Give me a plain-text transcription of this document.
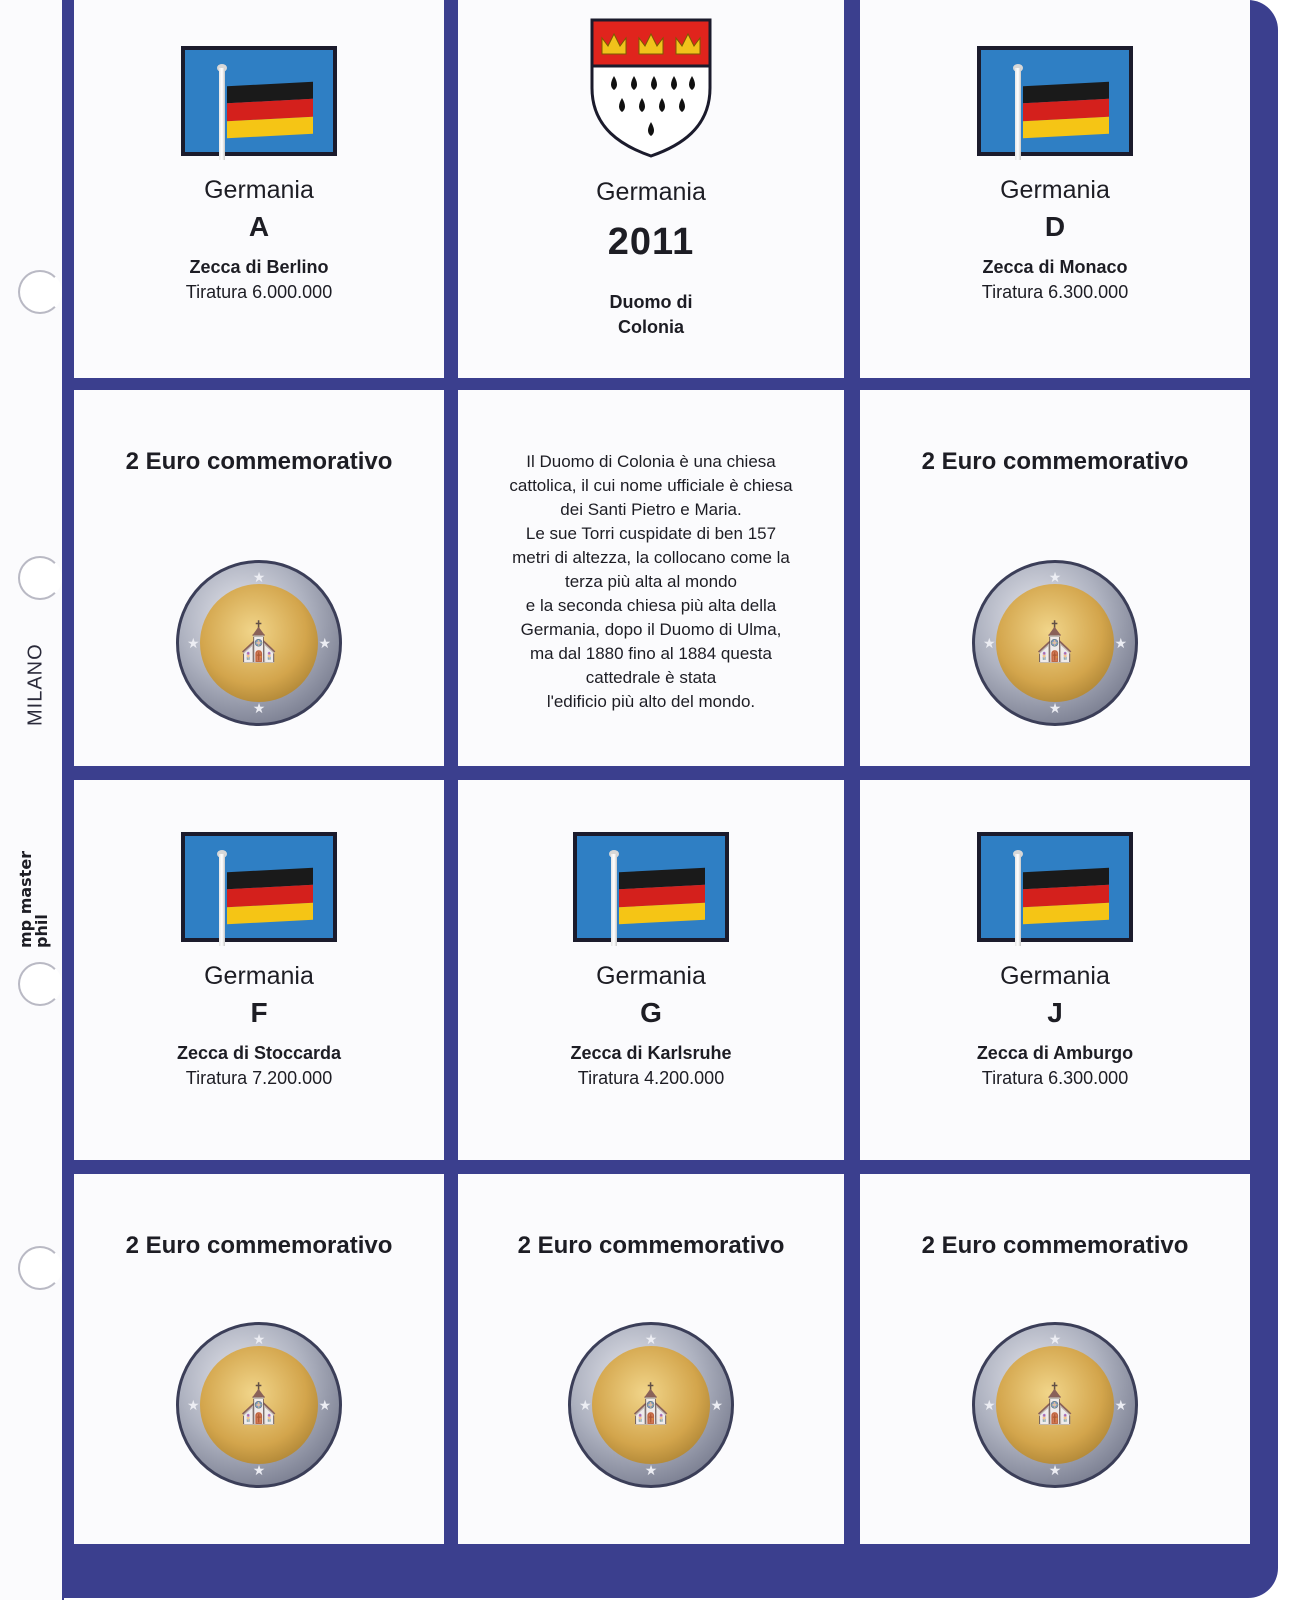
MILANO
mp master phil
Germania
A
Zecca di Berlino
Tiratura 6.000.000
Germania
2011
Duomo di
Colonia
Germania
D
Zecca di Monaco
Tiratura 6.300.000
2 Euro commemorativo
★
★
★	★
⛪
Il Duomo di Colonia è una chiesa
cattolica, il cui nome ufficiale è chiesa
dei Santi Pietro e Maria.
Le sue Torri cuspidate di ben 157
metri di altezza, la collocano come la
terza più alta al mondo
e la seconda chiesa più alta della
Germania, dopo il Duomo di Ulma,
ma dal 1880 fino al 1884 questa
cattedrale è stata
l'edificio più alto del mondo.
2 Euro commemorativo
★
★
★	★
⛪
Germania
F
Zecca di Stoccarda
Tiratura 7.200.000
Germania
G
Zecca di Karlsruhe
Tiratura 4.200.000
Germania
J
Zecca di Amburgo
Tiratura 6.300.000
2 Euro commemorativo
★
★
★	★
⛪
2 Euro commemorativo
★
★
★	★
⛪
2 Euro commemorativo
★
★
★	★
⛪
